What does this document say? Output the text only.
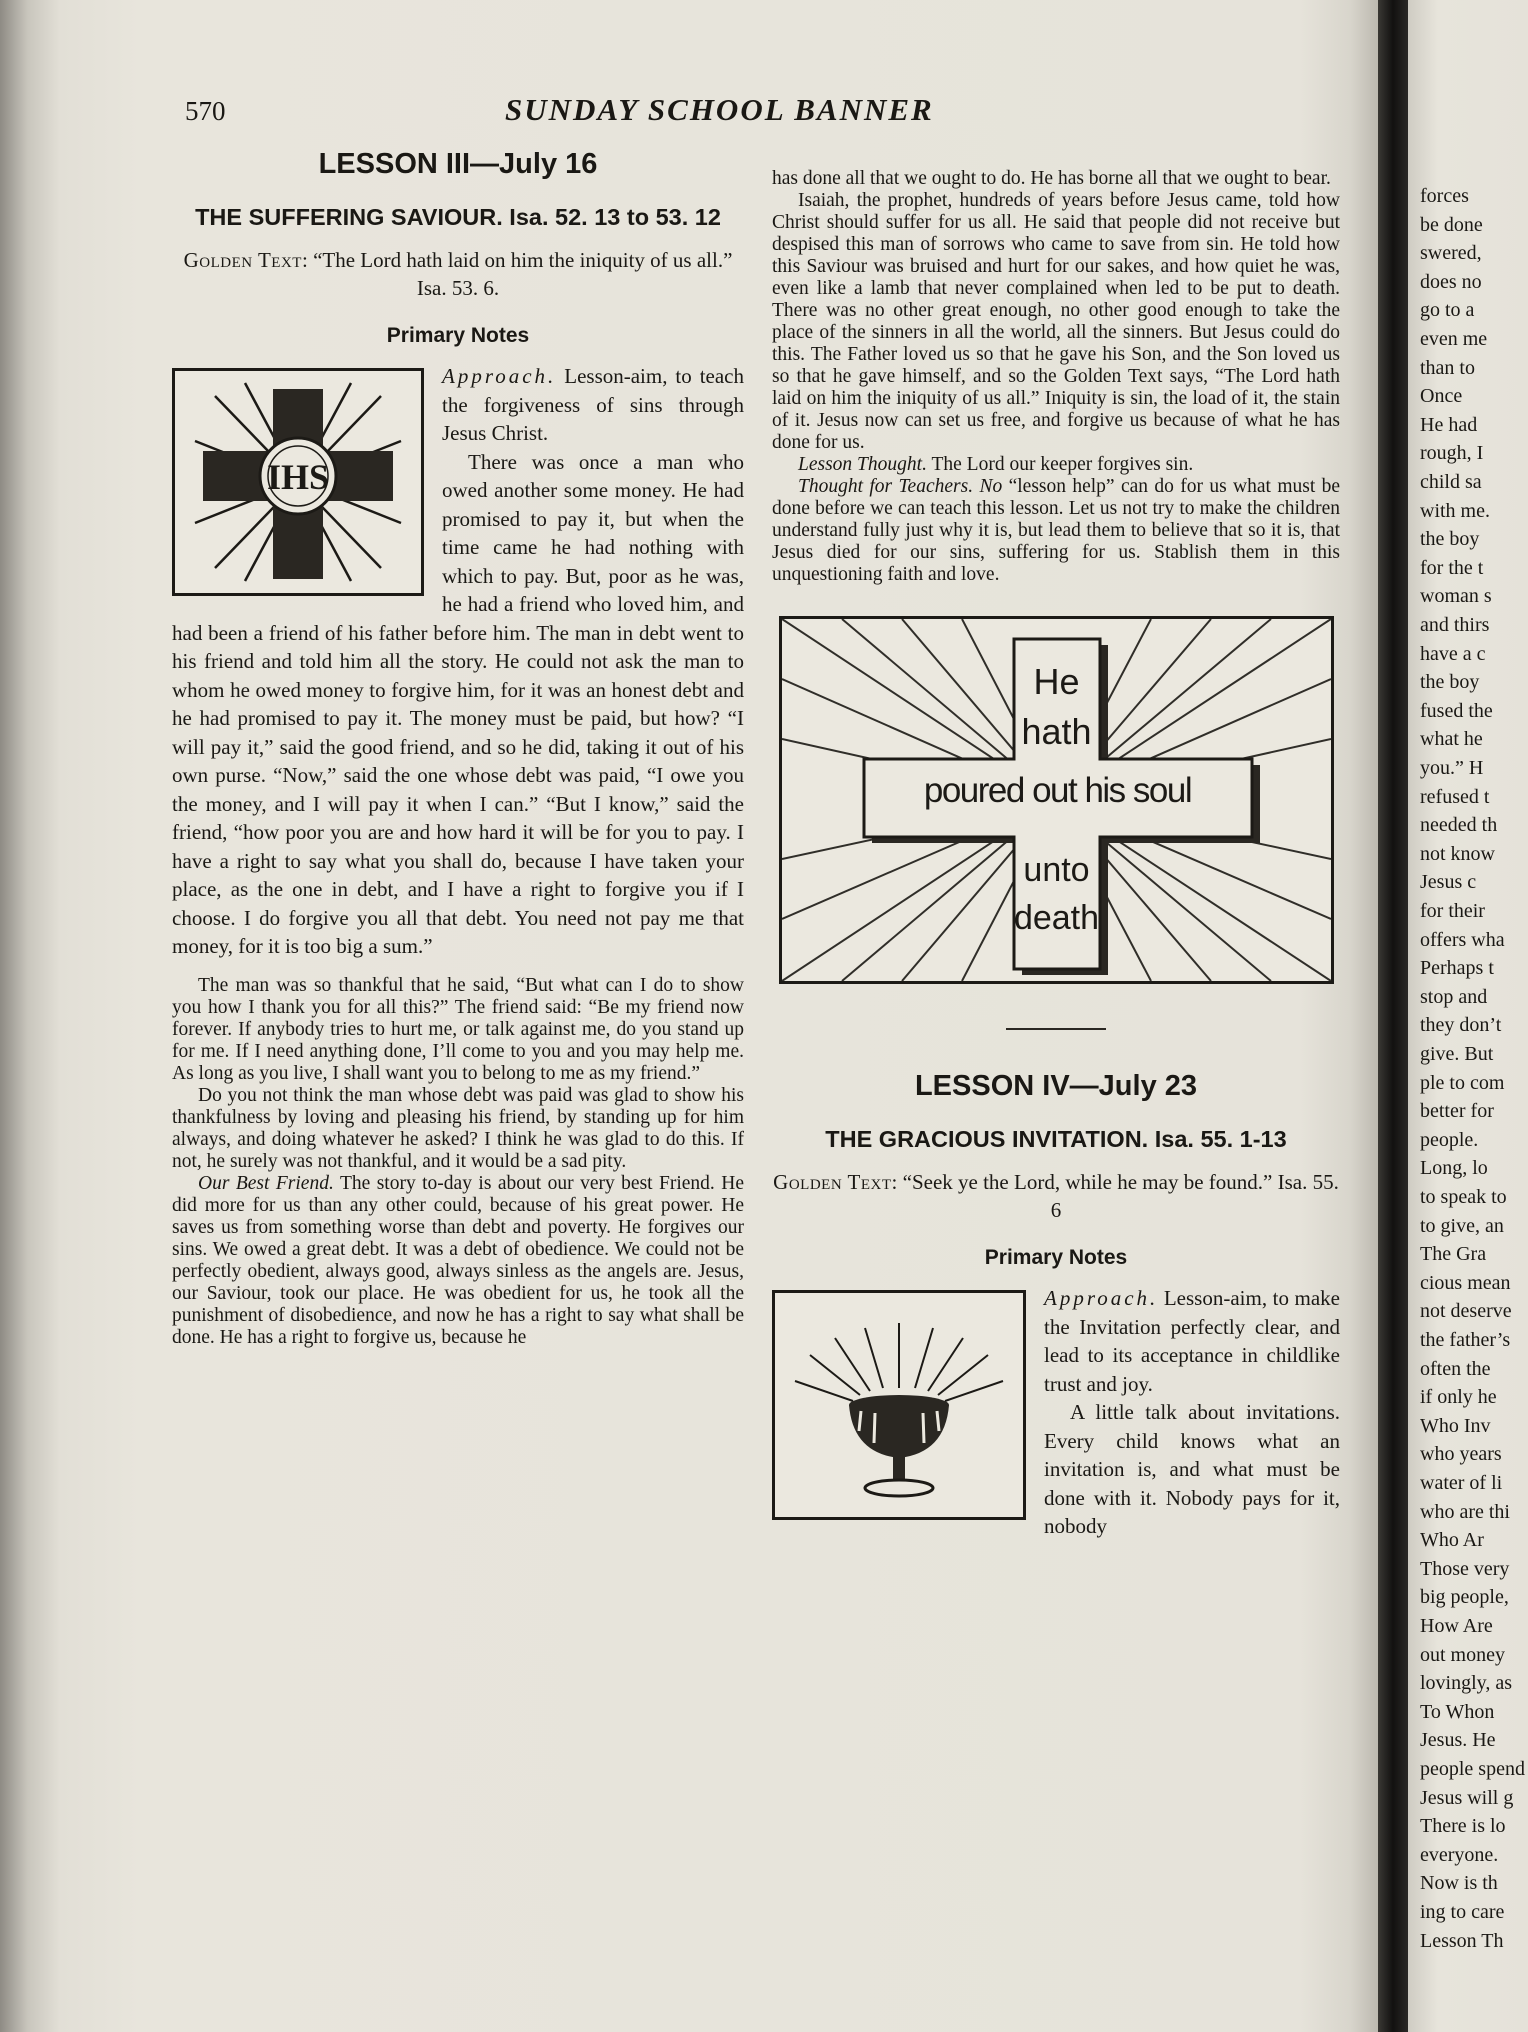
570	SUNDAY SCHOOL BANNER
LESSON III—July 16
THE SUFFERING SAVIOUR. Isa. 52. 13 to 53. 12
Golden Text: “The Lord hath laid on him the iniquity of us all.” Isa. 53. 6.
Primary Notes
IHS

Approach. Lesson-aim, to teach the forgiveness of sins through Jesus Christ.

There was once a man who owed another some money. He had promised to pay it, but when the time came he had nothing with which to pay. But, poor as he was, he had a friend who loved him, and had been a friend of his father before him. The man in debt went to his friend and told him all the story. He could not ask the man to whom he owed money to forgive him, for it was an honest debt and he had promised to pay it. The money must be paid, but how? “I will pay it,” said the good friend, and so he did, taking it out of his own purse. “Now,” said the one whose debt was paid, “I owe you the money, and I will pay it when I can.” “But I know,” said the friend, “how poor you are and how hard it will be for you to pay. I have a right to say what you shall do, because I have taken your place, as the one in debt, and I have a right to forgive you if I choose. I do forgive you all that debt. You need not pay me that money, for it is too big a sum.”

The man was so thankful that he said, “But what can I do to show you how I thank you for all this?” The friend said: “Be my friend now forever. If anybody tries to hurt me, or talk against me, do you stand up for me. If I need anything done, I’ll come to you and you may help me. As long as you live, I shall want you to belong to me as my friend.”

Do you not think the man whose debt was paid was glad to show his thankfulness by loving and pleasing his friend, by standing up for him always, and doing whatever he asked? I think he was glad to do this. If not, he surely was not thankful, and it would be a sad pity.

Our Best Friend. The story to-day is about our very best Friend. He did more for us than any other could, because of his great power. He saves us from something worse than debt and poverty. He forgives our sins. We owed a great debt. It was a debt of obedience. We could not be perfectly obedient, always good, always sinless as the angels are. Jesus, our Saviour, took our place. He was obedient for us, he took all the punishment of disobedience, and now he has a right to say what shall be done. He has a right to forgive us, because he

has done all that we ought to do. He has borne all that we ought to bear.

Isaiah, the prophet, hundreds of years before Jesus came, told how Christ should suffer for us all. He said that people did not receive but despised this man of sorrows who came to save from sin. He told how this Saviour was bruised and hurt for our sakes, and how quiet he was, even like a lamb that never complained when led to be put to death. There was no other great enough, no other good enough to take the place of the sinners in all the world, all the sinners. But Jesus could do this. The Father loved us so that he gave his Son, and the Son loved us so that he gave himself, and so the Golden Text says, “The Lord hath laid on him the iniquity of us all.” Iniquity is sin, the load of it, the stain of it. Jesus now can set us free, and forgive us because of what he has done for us.

Lesson Thought. The Lord our keeper forgives sin.

Thought for Teachers. No “lesson help” can do for us what must be done before we can teach this lesson. Let us not try to make the children understand fully just why it is, but lead them to believe that so it is, that Jesus died for our sins, suffering for us. Stablish them in this unquestioning faith and love.

He
hath
poured out his soul
unto
death
LESSON IV—July 23
THE GRACIOUS INVITATION. Isa. 55. 1-13
Golden Text: “Seek ye the Lord, while he may be found.” Isa. 55. 6
Primary Notes

Approach. Lesson-aim, to make the Invitation perfectly clear, and lead to its acceptance in childlike trust and joy.

A little talk about invitations. Every child knows what an invitation is, and what must be done with it. Nobody pays for it, nobody

forces
be done
swered,
does no
go to a
even me
than to
Once
He had
rough, I
child sa
with me.
the boy
for the t
woman s
and thirs
have a c
the boy
fused the
what he
you.” H
refused t
needed th
not know
Jesus c
for their
offers wha
Perhaps t
stop and
they don’t
give. But
ple to com
better for
people.
Long, lo
to speak to
to give, an
The Gra
cious mean
not deserve
the father’s
often the
if only he
Who Inv
who years
water of li
who are thi
Who Ar
Those very
big people,
How Are
out money
lovingly, as
To Whon
Jesus. He
people spend
Jesus will g
There is lo
everyone.
Now is th
ing to care
Lesson Th
